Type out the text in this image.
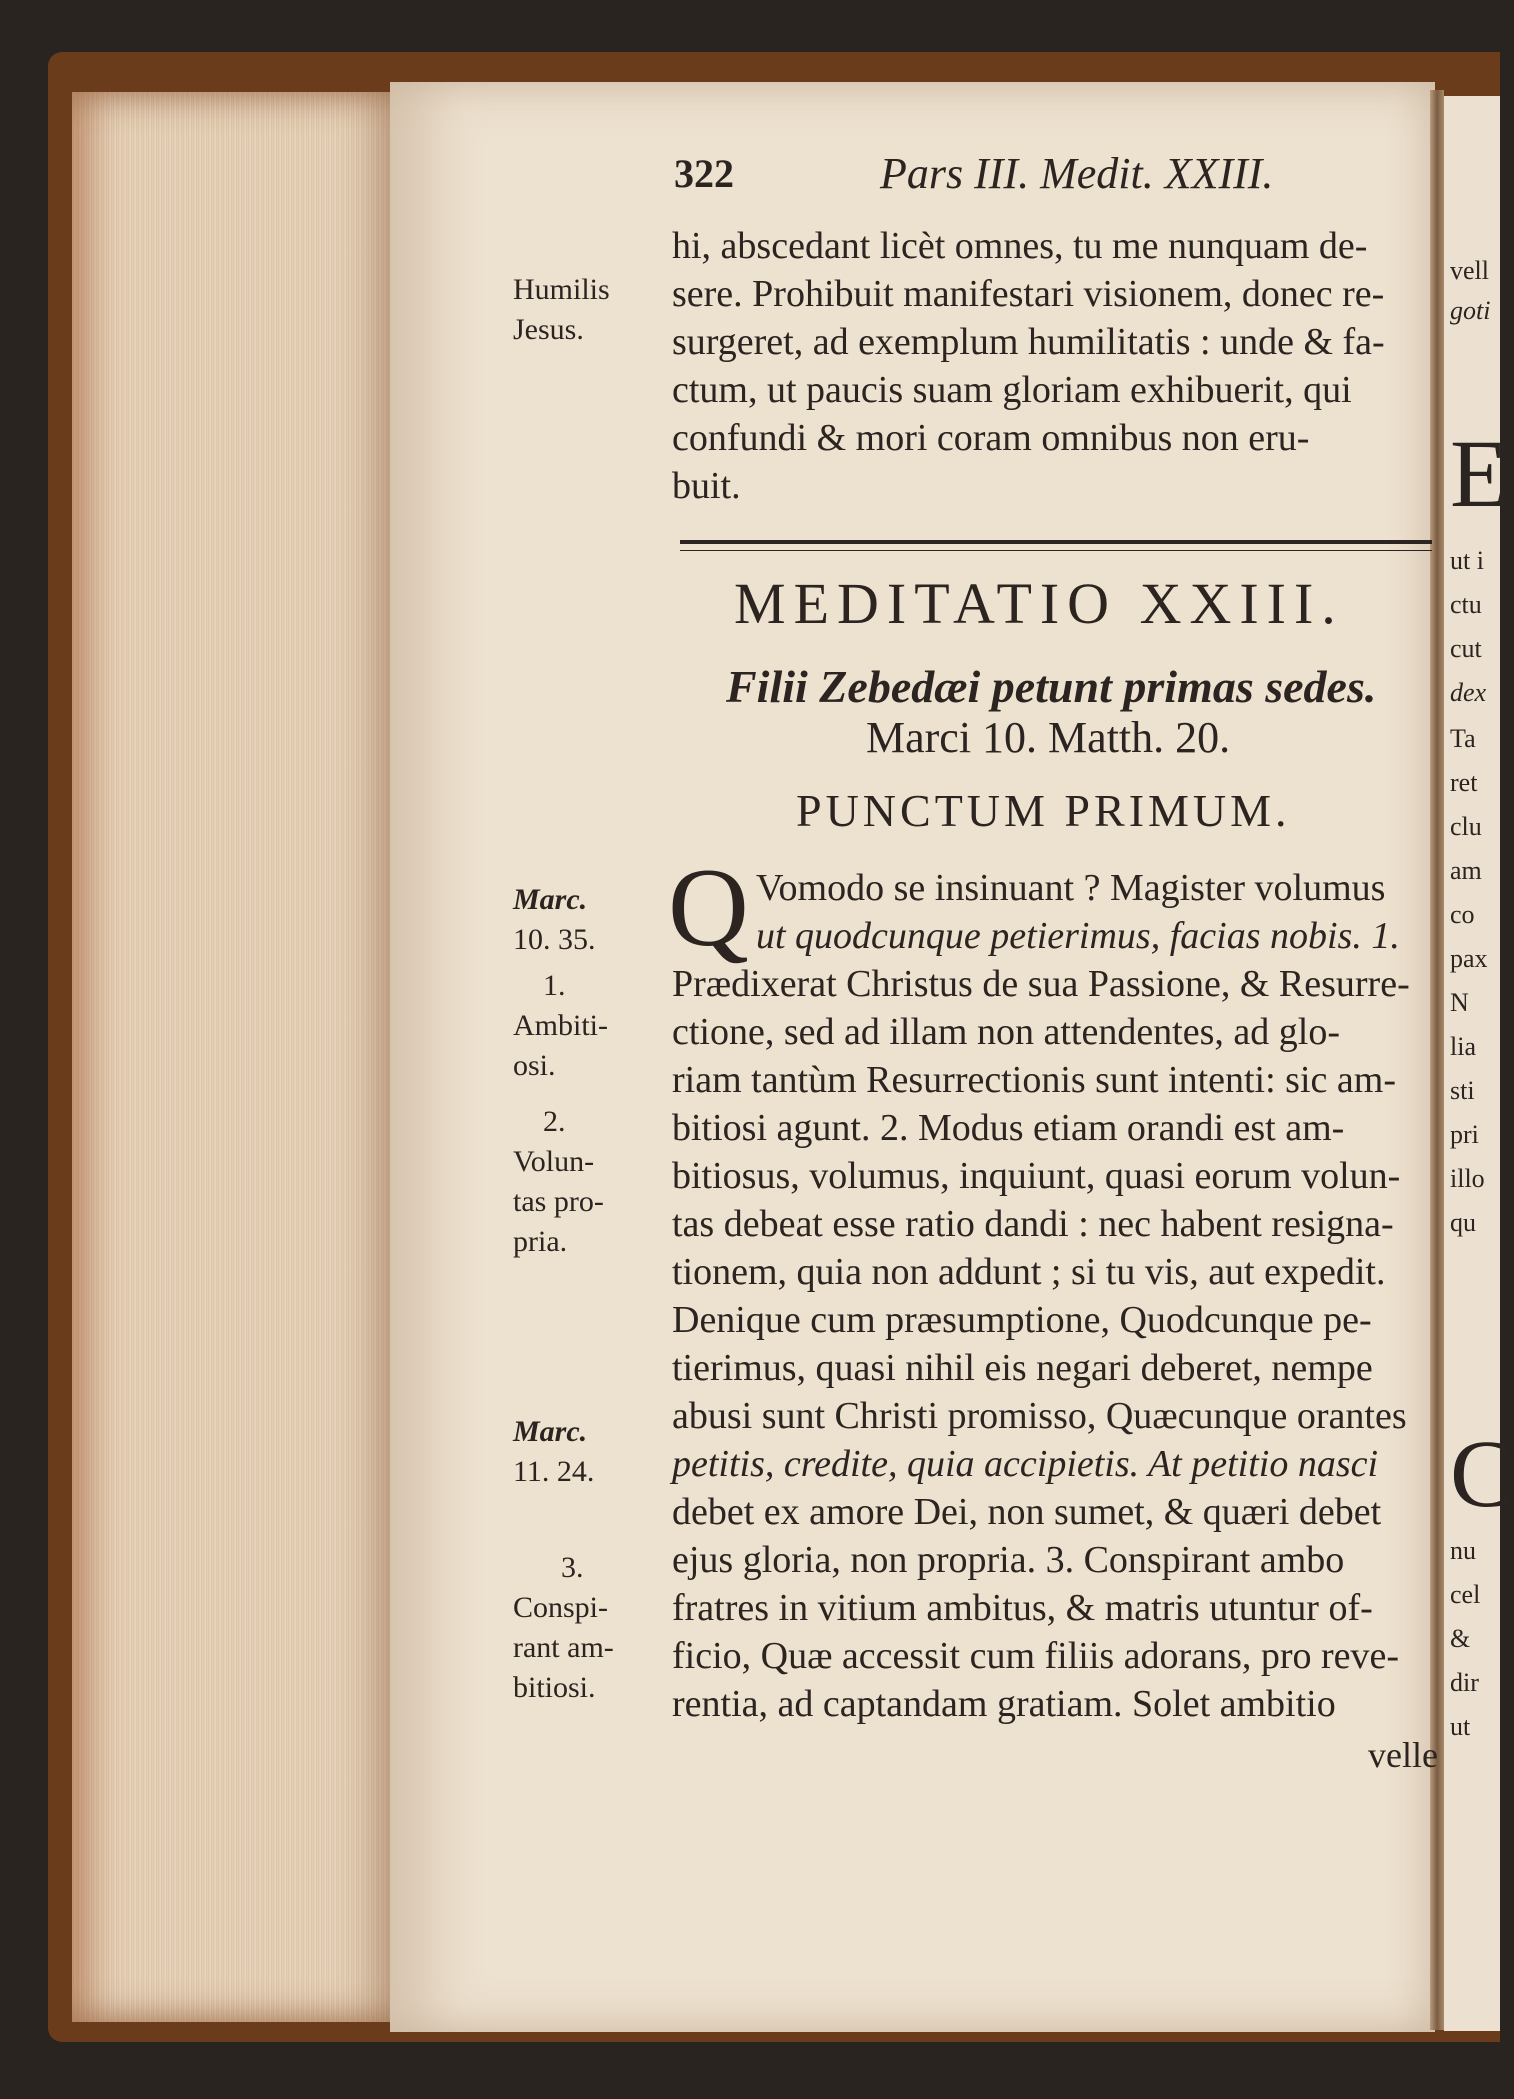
vell
goti
E
ut i
ctu
cut
dex
Ta
ret
clu
am
co
pax
N
lia
sti
pri
illo
qu
C
nu
cel
&
dir
ut
322	Pars III. Medit. XXIII.
hi, abscedant licèt omnes, tu me nunquam de-
sere. Prohibuit manifestari visionem, donec re-
surgeret, ad exemplum humilitatis : unde & fa-
ctum, ut paucis suam gloriam exhibuerit, qui
confundi & mori coram omnibus non eru-
buit.
Humilis
Jesus.
MEDITATIO XXIII.
Filii Zebedæi petunt primas sedes.
Marci 10. Matth. 20.
PUNCTUM PRIMUM.
Q Vomodo se insinuant ? Magister volumus
ut quodcunque petierimus, facias nobis. 1.
Prædixerat Christus de sua Passione, & Resurre-
ctione, sed ad illam non attendentes, ad glo-
riam tantùm Resurrectionis sunt intenti: sic am-
bitiosi agunt. 2. Modus etiam orandi est am-
bitiosus, volumus, inquiunt, quasi eorum volun-
tas debeat esse ratio dandi : nec habent resigna-
tionem, quia non addunt ; si tu vis, aut expedit.
Denique cum præsumptione, Quodcunque pe-
tierimus, quasi nihil eis negari deberet, nempe
abusi sunt Christi promisso, Quæcunque orantes
petitis, credite, quia accipietis. At petitio nasci
debet ex amore Dei, non sumet, & quæri debet
ejus gloria, non propria. 3. Conspirant ambo
fratres in vitium ambitus, & matris utuntur of-
ficio, Quæ accessit cum filiis adorans, pro reve-
rentia, ad captandam gratiam. Solet ambitio
velle
Marc.
10. 35.
1.
Ambiti-
osi.
2.
Volun-
tas pro-
pria.
Marc.
11. 24.
3.
Conspi-
rant am-
bitiosi.
